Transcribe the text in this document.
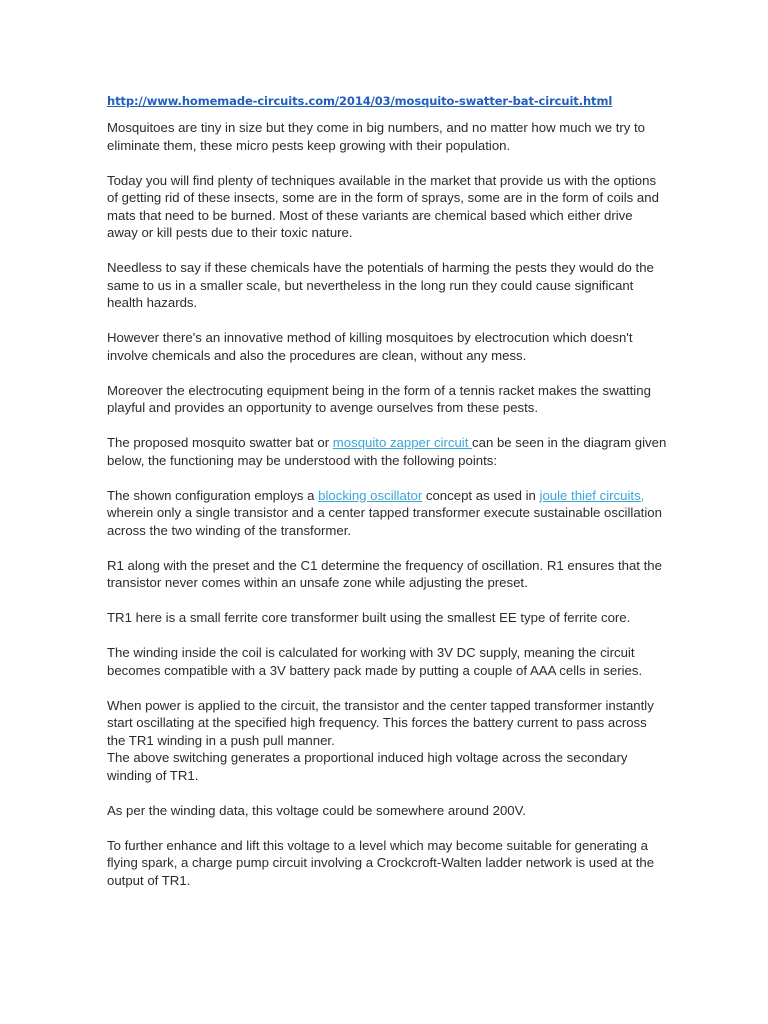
http://www.homemade-circuits.com/2014/03/mosquito-swatter-bat-circuit.html

Mosquitoes are tiny in size but they come in big numbers, and no matter how much we try to eliminate them, these micro pests keep growing with their population.

Today you will find plenty of techniques available in the market that provide us with the options of getting rid of these insects, some are in the form of sprays, some are in the form of coils and mats that need to be burned. Most of these variants are chemical based which either drive away or kill pests due to their toxic nature.

Needless to say if these chemicals have the potentials of harming the pests they would do the same to us in a smaller scale, but nevertheless in the long run they could cause significant health hazards.

However there's an innovative method of killing mosquitoes by electrocution which doesn't involve chemicals and also the procedures are clean, without any mess.

Moreover the electrocuting equipment being in the form of a tennis racket makes the swatting playful and provides an opportunity to avenge ourselves from these pests.

The proposed mosquito swatter bat or mosquito zapper circuit can be seen in the diagram given below, the functioning may be understood with the following points:

The shown configuration employs a blocking oscillator concept as used in joule thief circuits, wherein only a single transistor and a center tapped transformer execute sustainable oscillation across the two winding of the transformer.

R1 along with the preset and the C1 determine the frequency of oscillation. R1 ensures that the transistor never comes within an unsafe zone while adjusting the preset.

TR1 here is a small ferrite core transformer built using the smallest EE type of ferrite core.

The winding inside the coil is calculated for working with 3V DC supply, meaning the circuit becomes compatible with a 3V battery pack made by putting a couple of AAA cells in series.

When power is applied to the circuit, the transistor and the center tapped transformer instantly start oscillating at the specified high frequency. This forces the battery current to pass across the TR1 winding in a push pull manner.

The above switching generates a proportional induced high voltage across the secondary winding of TR1.

As per the winding data, this voltage could be somewhere around 200V.

To further enhance and lift this voltage to a level which may become suitable for generating a flying spark, a charge pump circuit involving a Crockcroft-Walten ladder network is used at the output of TR1.
